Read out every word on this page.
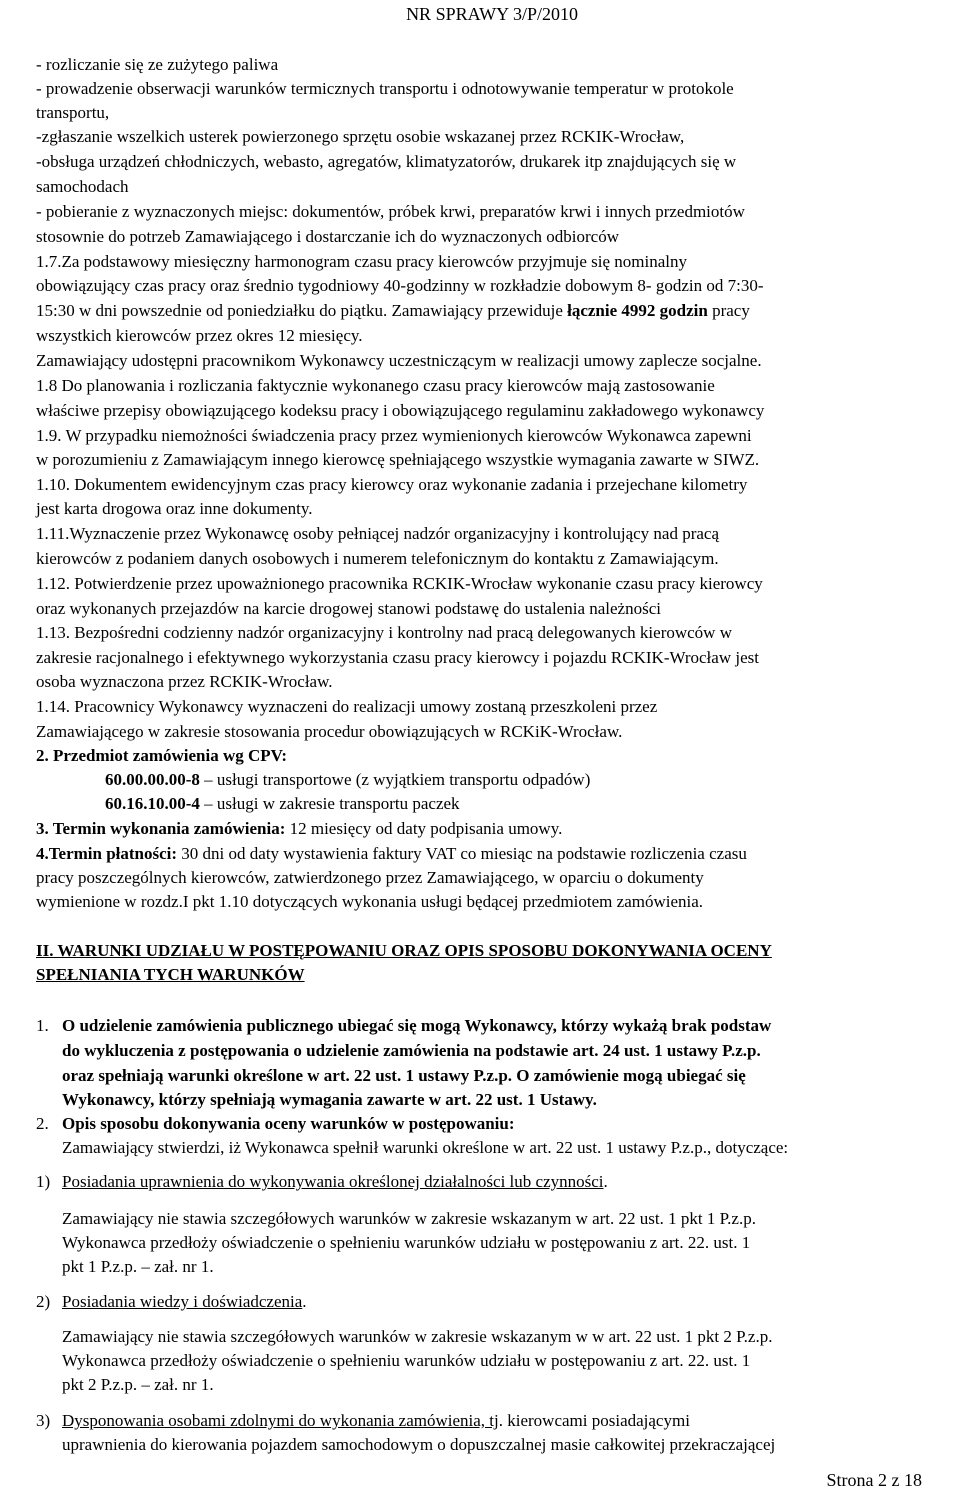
NR SPRAWY 3/P/2010
- rozliczanie się ze zużytego paliwa
- prowadzenie obserwacji warunków termicznych transportu i odnotowywanie temperatur w protokole
transportu,
-zgłaszanie wszelkich usterek powierzonego sprzętu osobie wskazanej przez RCKIK-Wrocław,
-obsługa urządzeń chłodniczych, webasto, agregatów, klimatyzatorów, drukarek itp znajdujących się w
samochodach
- pobieranie z wyznaczonych miejsc: dokumentów, próbek krwi, preparatów krwi i innych przedmiotów
stosownie do potrzeb Zamawiającego i dostarczanie ich do wyznaczonych odbiorców
1.7.Za podstawowy miesięczny harmonogram czasu pracy kierowców przyjmuje się nominalny
obowiązujący czas pracy oraz średnio tygodniowy 40-godzinny w rozkładzie dobowym 8- godzin od 7:30-
15:30 w dni powszednie od poniedziałku do piątku. Zamawiający przewiduje łącznie 4992 godzin pracy
wszystkich kierowców przez okres 12 miesięcy.
Zamawiający udostępni pracownikom Wykonawcy uczestniczącym w realizacji umowy zaplecze socjalne.
1.8 Do planowania i rozliczania faktycznie wykonanego czasu pracy kierowców mają zastosowanie
właściwe przepisy obowiązującego kodeksu pracy i obowiązującego regulaminu zakładowego wykonawcy
1.9. W przypadku niemożności świadczenia pracy przez wymienionych kierowców Wykonawca zapewni
w porozumieniu z Zamawiającym innego kierowcę spełniającego wszystkie wymagania zawarte w SIWZ.
1.10. Dokumentem ewidencyjnym czas pracy kierowcy oraz wykonanie zadania i przejechane kilometry
jest karta drogowa oraz inne dokumenty.
1.11.Wyznaczenie przez Wykonawcę osoby pełniącej nadzór organizacyjny i kontrolujący nad pracą
kierowców z podaniem danych osobowych i numerem telefonicznym do kontaktu z Zamawiającym.
1.12. Potwierdzenie przez upoważnionego pracownika RCKIK-Wrocław wykonanie czasu pracy kierowcy
oraz wykonanych przejazdów na karcie drogowej stanowi podstawę do ustalenia należności
1.13. Bezpośredni codzienny nadzór organizacyjny i kontrolny nad pracą delegowanych kierowców w
zakresie racjonalnego i efektywnego wykorzystania czasu pracy kierowcy i pojazdu RCKIK-Wrocław jest
osoba wyznaczona przez RCKIK-Wrocław.
1.14. Pracownicy Wykonawcy wyznaczeni do realizacji umowy zostaną przeszkoleni przez
Zamawiającego w zakresie stosowania procedur obowiązujących w RCKiK-Wrocław.
2. Przedmiot zamówienia wg CPV:
60.00.00.00-8 – usługi transportowe (z wyjątkiem transportu odpadów)
60.16.10.00-4 – usługi w zakresie transportu paczek
3. Termin wykonania zamówienia: 12 miesięcy od daty podpisania umowy.
4.Termin płatności: 30 dni od daty wystawienia faktury VAT co miesiąc na podstawie rozliczenia czasu
pracy poszczególnych kierowców, zatwierdzonego przez Zamawiającego, w oparciu o dokumenty
wymienione w rozdz.I pkt 1.10 dotyczących wykonania usługi będącej przedmiotem zamówienia.
II. WARUNKI UDZIAŁU W POSTĘPOWANIU ORAZ OPIS SPOSOBU DOKONYWANIA OCENY
SPEŁNIANIA TYCH WARUNKÓW
1. O udzielenie zamówienia publicznego ubiegać się mogą Wykonawcy, którzy wykażą brak podstaw
do wykluczenia z postępowania o udzielenie zamówienia na podstawie art. 24 ust. 1 ustawy P.z.p.
oraz spełniają warunki określone w art. 22 ust. 1 ustawy P.z.p. O zamówienie mogą ubiegać się
Wykonawcy, którzy spełniają wymagania zawarte w art. 22 ust. 1 Ustawy.
2. Opis sposobu dokonywania oceny warunków w postępowaniu:
Zamawiający stwierdzi, iż Wykonawca spełnił warunki określone w art. 22 ust. 1 ustawy P.z.p., dotyczące:
1) Posiadania uprawnienia do wykonywania określonej działalności lub czynności.
Zamawiający nie stawia szczegółowych warunków w zakresie wskazanym w art. 22 ust. 1 pkt 1 P.z.p.
Wykonawca przedłoży oświadczenie o spełnieniu warunków udziału w postępowaniu z art. 22. ust. 1
pkt 1 P.z.p. – zał. nr 1.
2) Posiadania wiedzy i doświadczenia.
Zamawiający nie stawia szczegółowych warunków w zakresie wskazanym w w art. 22 ust. 1 pkt 2 P.z.p.
Wykonawca przedłoży oświadczenie o spełnieniu warunków udziału w postępowaniu z art. 22. ust. 1
pkt 2 P.z.p. – zał. nr 1.
3) Dysponowania osobami zdolnymi do wykonania zamówienia, tj. kierowcami posiadającymi
uprawnienia do kierowania pojazdem samochodowym o dopuszczalnej masie całkowitej przekraczającej
Strona 2 z 18
